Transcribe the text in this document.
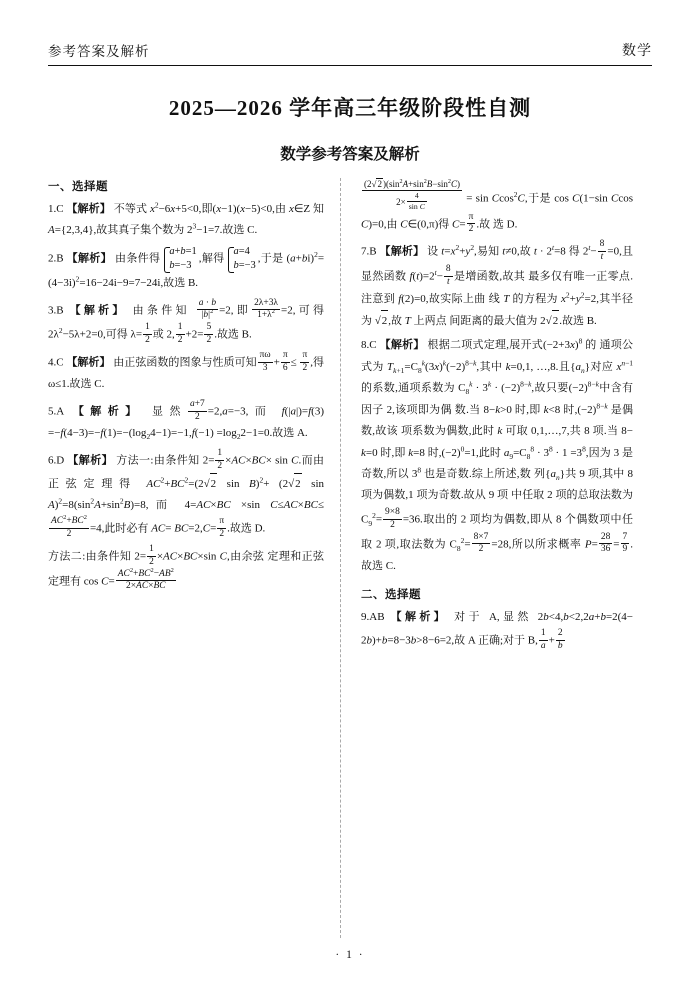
参考答案及解析	数学
2025—2026 学年高三年级阶段性自测
数学参考答案及解析
一、选择题
1.C 【解析】 不等式 $x^2-6x+5<0$,即(x−1)(x−5)<0,由 x∈Z 知 A={2,3,4},故其真子集个数为 $2^3-1=7$.故选 C.
2.B 【解析】 由条件得
a+b=1
b=−3
,解得
a=4
b=−3
,于是 $(a+bi)^2=(4-3i)^2=16-24i-9=7-24i$,故选 B.
3.B 【解析】 由条件知 $\frac{a \cdot b}{|b|^2} =2$,即 $\frac{2\lambda+3\lambda}{1+\lambda^2} =2$,可得 $2\lambda^2-5\lambda+2=0$,可得 $\lambda= \frac{1}{2}$ 或 2, $\frac{1}{2} +2= \frac{5}{2}$ .故选 B.
4.C 【解析】 由正弦函数的图象与性质可知 $\frac{\pi\omega}{3} + \frac{\pi}{6} \le \frac{\pi}{2}$ ,得 ω≤1.故选 C.
5.A 【解析】 显然 $\frac{a+7}{2} =2,a=-3$,而 $f(|a|)=f(3) =-f(4-3)=-f(1)=-(\log_24-1)=-1,f(-1) =\log_22-1=0$.故选 A.
6.D 【解析】 方法一:由条件知 $2= \frac{1}{2} \times AC\times BC\times \sin C$.而由正弦定理得 $AC^2+BC^2=(2√2$ sin B)$^2$+ (2√2 $\sin A)^2=8(\sin^2A+\sin^2B)=8$,而 4=AC×BC ×sin C≤AC×BC≤
$\frac{AC^2+BC^2}{2} =4$,此时必有 $AC= BC=2,C= \frac{\pi}{2}$ .故选 D.
方法二:由条件知 $2= \frac{1}{2} \times AC\times BC\times\sin$ C,由余弦 定理和正弦定理有 $\cos C= \frac{AC^2+BC^2-AB^2}{2\times AC\times BC}$
$\frac{(2√2)(\sin^2A+\sin^2B-\sin^2C)}{2\times \frac{4}{\text{sin C}}} = \sin Ccos^2C$,于是 cos C(1−sin Ccos C)=0,由 C∈(0,π)得 $C= \frac{\pi}{2}$ .故 选 D.
7.B 【解析】 设 $t=x^2+y^2$,易知 t≠0,故 $t \cdot 2^t=8$ 得 $2^t- \frac{8}{t} =0$,且显然函数 $f(t)=2^t- \frac{8}{t}$ 是增函数,故其 最多仅有唯一正零点.注意到 f(2)=0,故实际上曲 线 T 的方程为 $x^2+y^2=2$,其半径为 √2,故 T 上两点 间距离的最大值为 2√2.故选 B.
8.C 【解析】 根据二项式定理,展开式$(-2+3x)^8$ 的 通项公式为 $T_{k+1}=C_8^k(3x)^k(-2)^{8-k}$,其中 k=0,1, …,8.且$\{a_n\}$对应 $x^{n-1}$ 的系数,通项系数为 $C_8^k \cdot 3^k \cdot (-2)^{8-k}$,故只要$(-2)^{8-k}$中含有因子 2,该项即为偶 数.当 8−k>0 时,即 k<8 时$,(-2)^{8-k}$ 是偶数,故该 项系数为偶数,此时 k 可取 0,1,…,7,共 8 项.当 8− k=0 时,即 k=8 时$,(-2)^0=1$,此时 $a_9=C_8^8 \cdot 3^8 \cdot 1 =3^8$,因为 3 是奇数,所以 $3^8$ 也是奇数.综上所述,数 列$\{a_n\}$共 9 项,其中 8 项为偶数,1 项为奇数.故从 9 项 中任取 2 项的总取法数为 $C_9^2= \frac{9\times 8}{2} =36$.取出的 2 项均为偶数,即从 8 个偶数项中任取 2 项,取法数为 $C_8^2= \frac{8\times 7}{2} =28$,所以所求概率 $P= \frac{28}{36} = \frac{7}{9}$ .故选 C.
二、选择题
9.AB 【解析】 对于 A,显然 2b<4,b<2,2a+b=2(4− 2b)+b=8−3b>8−6=2,故 A 正确;对于 B, $\frac{1}{a} + \frac{2}{b}$
· 1 ·
